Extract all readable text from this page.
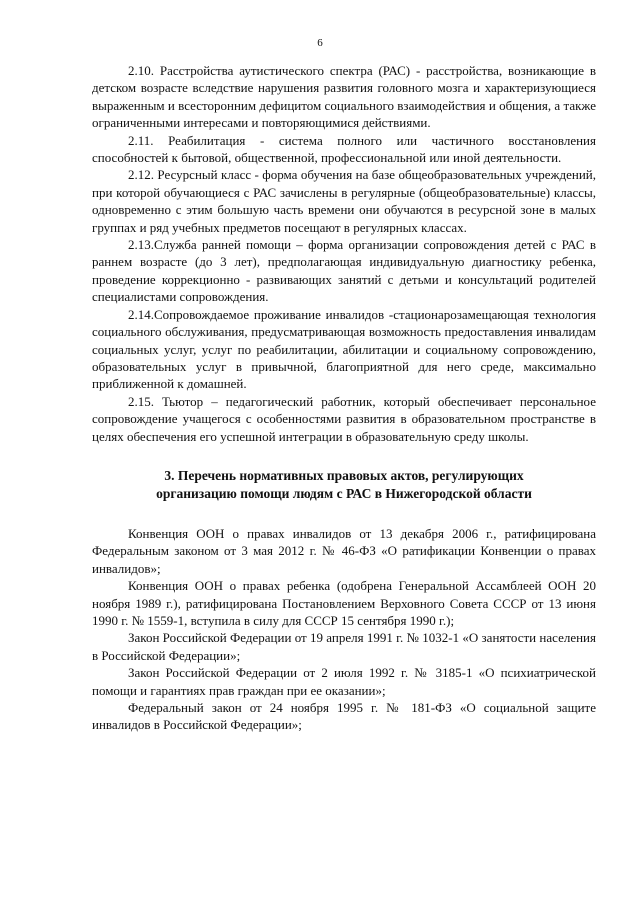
6

2.10. Расстройства аутистического спектра (РАС) - расстройства, возникающие в детском возрасте вследствие нарушения развития головного мозга и характеризующиеся выраженным и всесторонним дефицитом социального взаимодействия и общения, а также ограниченными интересами и повторяющимися действиями.

2.11. Реабилитация - система полного или частичного восстановления способностей к бытовой, общественной, профессиональной или иной деятельности.

2.12. Ресурсный класс - форма обучения на базе общеобразовательных учреждений, при которой обучающиеся с РАС зачислены в регулярные (общеобразовательные) классы, одновременно с этим большую часть времени они обучаются в ресурсной зоне в малых группах и ряд учебных предметов посещают в регулярных классах.

2.13.Служба ранней помощи – форма организации сопровождения детей с РАС в раннем возрасте (до 3 лет), предполагающая индивидуальную диагностику ребенка, проведение коррекционно - развивающих занятий с детьми и консультаций родителей специалистами сопровождения.

2.14.Сопровождаемое проживание инвалидов -стационарозамещающая технология социального обслуживания, предусматривающая возможность предоставления инвалидам социальных услуг, услуг по реабилитации, абилитации и социальному сопровождению, образовательных услуг в привычной, благоприятной для него среде, максимально приближенной к домашней.

2.15. Тьютор – педагогический работник, который обеспечивает персональное сопровождение учащегося с особенностями развития в образовательном пространстве в целях обеспечения его успешной интеграции в образовательную среду школы.

3. Перечень нормативных правовых актов, регулирующих
организацию помощи людям с РАС в Нижегородской области

Конвенция ООН о правах инвалидов от 13 декабря 2006 г., ратифицирована Федеральным законом от 3 мая 2012 г. № 46-ФЗ «О ратификации Конвенции о правах инвалидов»;

Конвенция ООН о правах ребенка (одобрена Генеральной Ассамблеей ООН 20 ноября 1989 г.), ратифицирована Постановлением Верховного Совета СССР от 13 июня 1990 г. № 1559-1, вступила в силу для СССР 15 сентября 1990 г.);

Закон Российской Федерации от 19 апреля 1991 г. № 1032-1 «О занятости населения в Российской Федерации»;

Закон Российской Федерации от 2 июля 1992 г. № 3185-1 «О психиатрической помощи и гарантиях прав граждан при ее оказании»;

Федеральный закон от 24 ноября 1995 г. № 181-ФЗ «О социальной защите инвалидов в Российской Федерации»;
